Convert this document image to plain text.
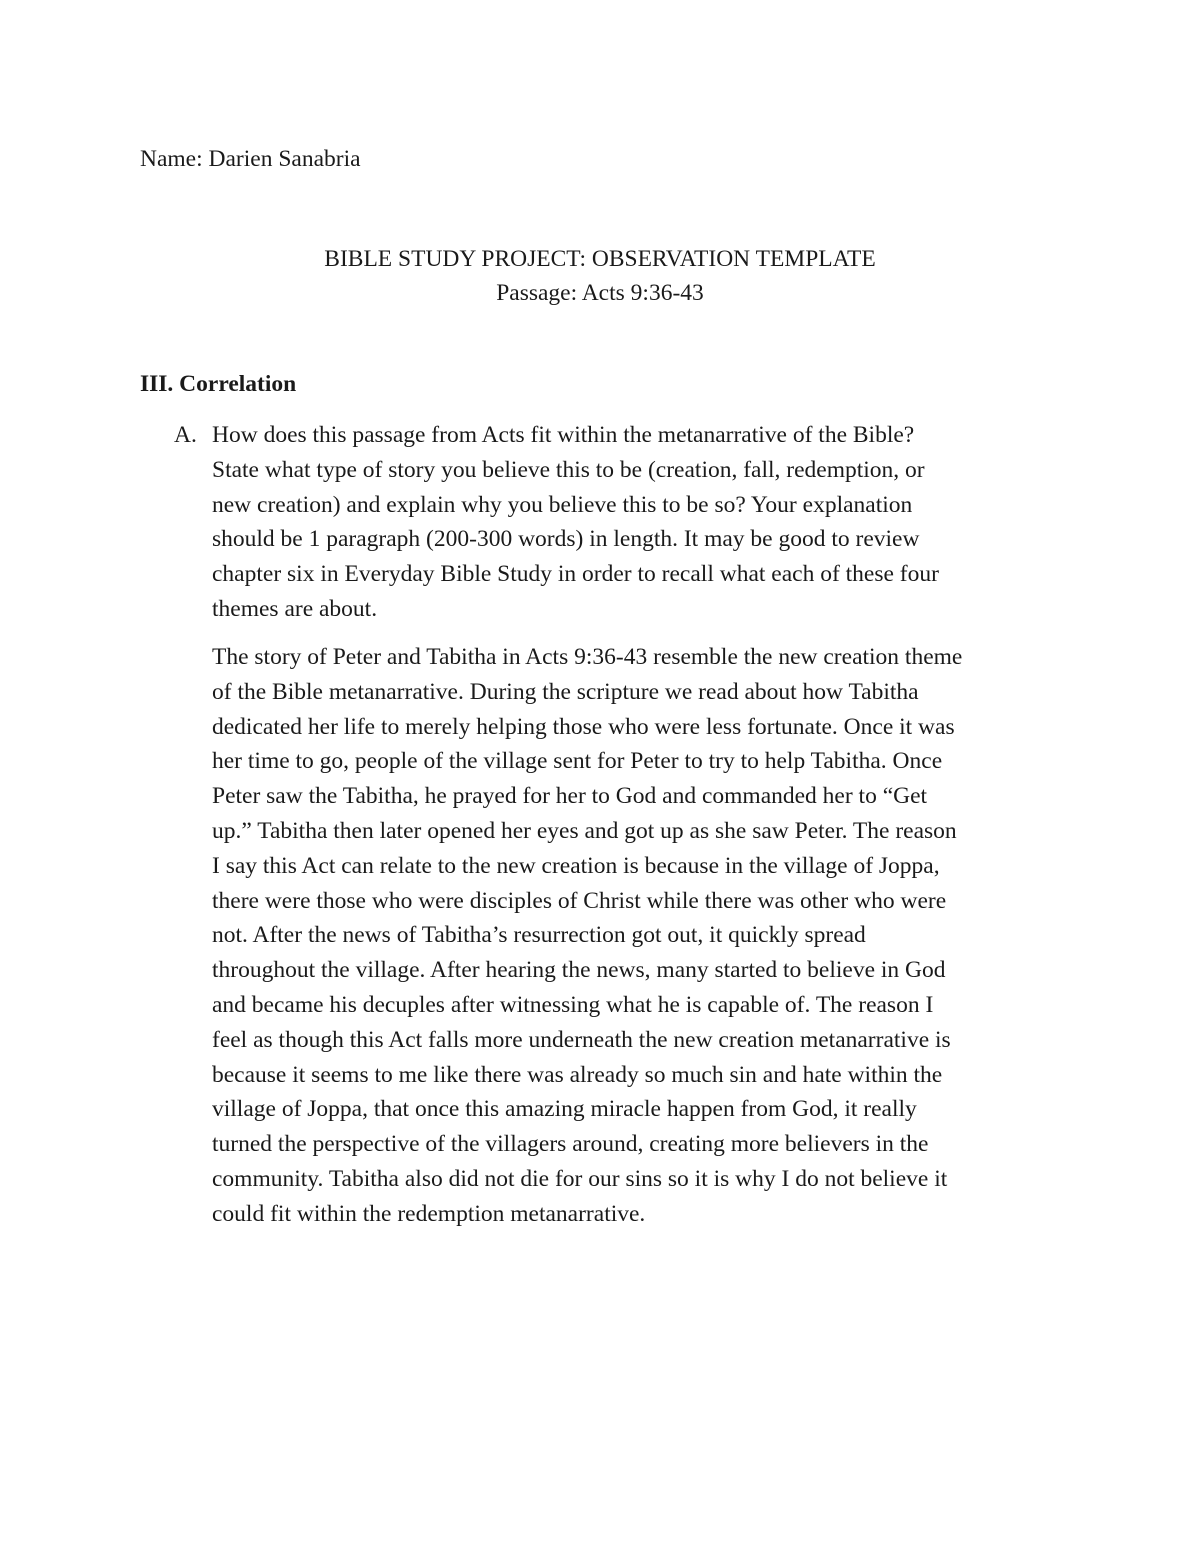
Name: Darien Sanabria
BIBLE STUDY PROJECT: OBSERVATION TEMPLATE
Passage: Acts 9:36-43
III. Correlation
A. How does this passage from Acts fit within the metanarrative of the Bible?
State what type of story you believe this to be (creation, fall, redemption, or
new creation) and explain why you believe this to be so? Your explanation
should be 1 paragraph (200-300 words) in length. It may be good to review
chapter six in Everyday Bible Study in order to recall what each of these four
themes are about.
The story of Peter and Tabitha in Acts 9:36-43 resemble the new creation theme
of the Bible metanarrative. During the scripture we read about how Tabitha
dedicated her life to merely helping those who were less fortunate. Once it was
her time to go, people of the village sent for Peter to try to help Tabitha. Once
Peter saw the Tabitha, he prayed for her to God and commanded her to “Get
up.” Tabitha then later opened her eyes and got up as she saw Peter. The reason
I say this Act can relate to the new creation is because in the village of Joppa,
there were those who were disciples of Christ while there was other who were
not. After the news of Tabitha’s resurrection got out, it quickly spread
throughout the village. After hearing the news, many started to believe in God
and became his decuples after witnessing what he is capable of. The reason I
feel as though this Act falls more underneath the new creation metanarrative is
because it seems to me like there was already so much sin and hate within the
village of Joppa, that once this amazing miracle happen from God, it really
turned the perspective of the villagers around, creating more believers in the
community. Tabitha also did not die for our sins so it is why I do not believe it
could fit within the redemption metanarrative.
